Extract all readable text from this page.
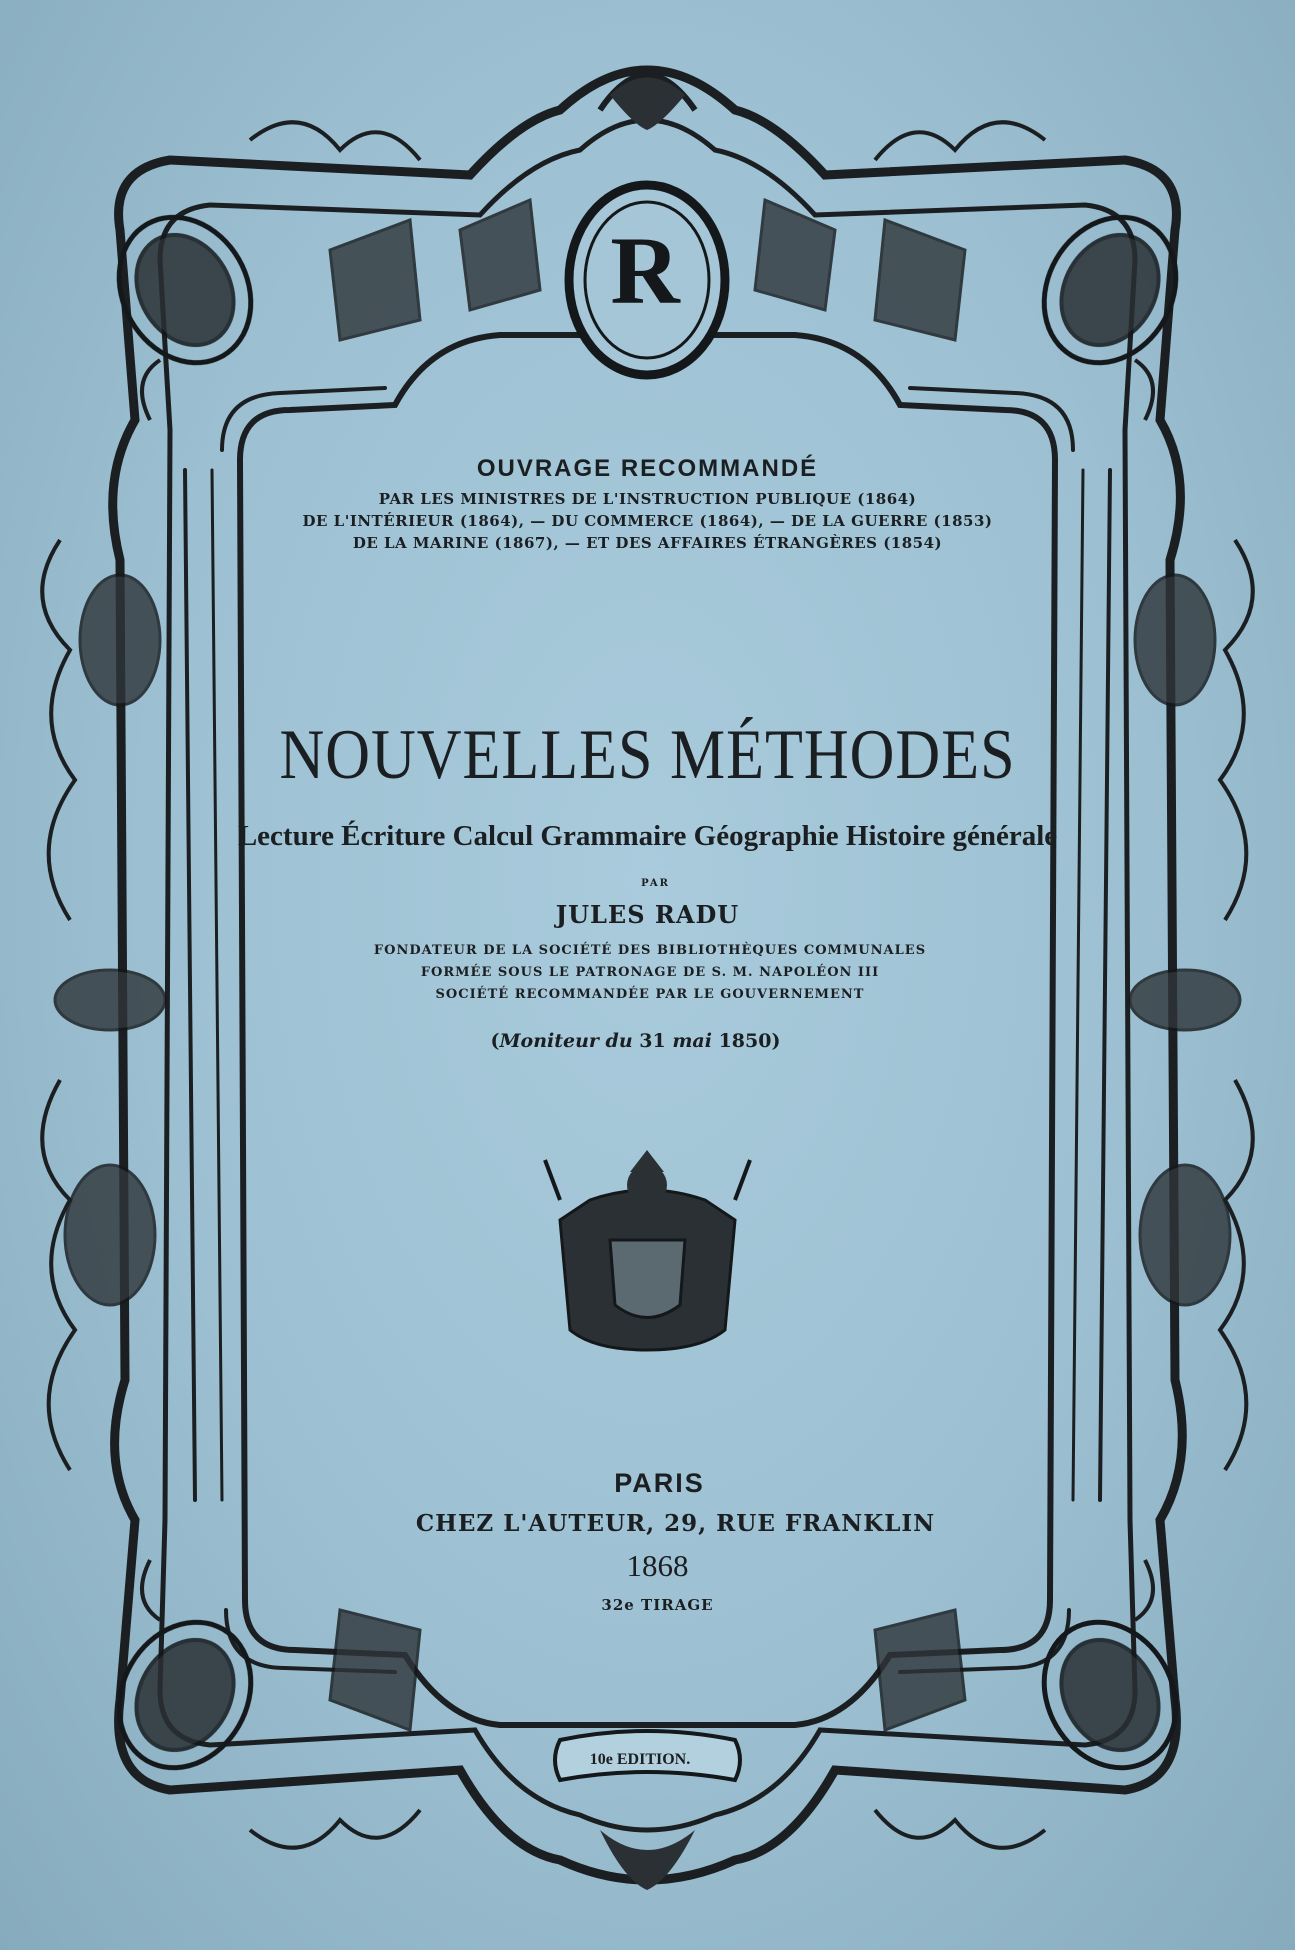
R
OUVRAGE RECOMMANDÉ
PAR LES MINISTRES DE L'INSTRUCTION PUBLIQUE (1864)
DE L'INTÉRIEUR (1864), — DU COMMERCE (1864), — DE LA GUERRE (1853)
DE LA MARINE (1867), — ET DES AFFAIRES ÉTRANGÈRES (1854)
NOUVELLES MÉTHODES
Lecture Écriture Calcul Grammaire Géographie Histoire générale
PAR
JULES RADU
FONDATEUR DE LA SOCIÉTÉ DES BIBLIOTHÈQUES COMMUNALES
FORMÉE SOUS LE PATRONAGE DE S. M. NAPOLÉON III
SOCIÉTÉ RECOMMANDÉE PAR LE GOUVERNEMENT
(Moniteur du 31 mai 1850)
PARIS
CHEZ L'AUTEUR, 29, RUE FRANKLIN
1868
32e TIRAGE
10e EDITION.
